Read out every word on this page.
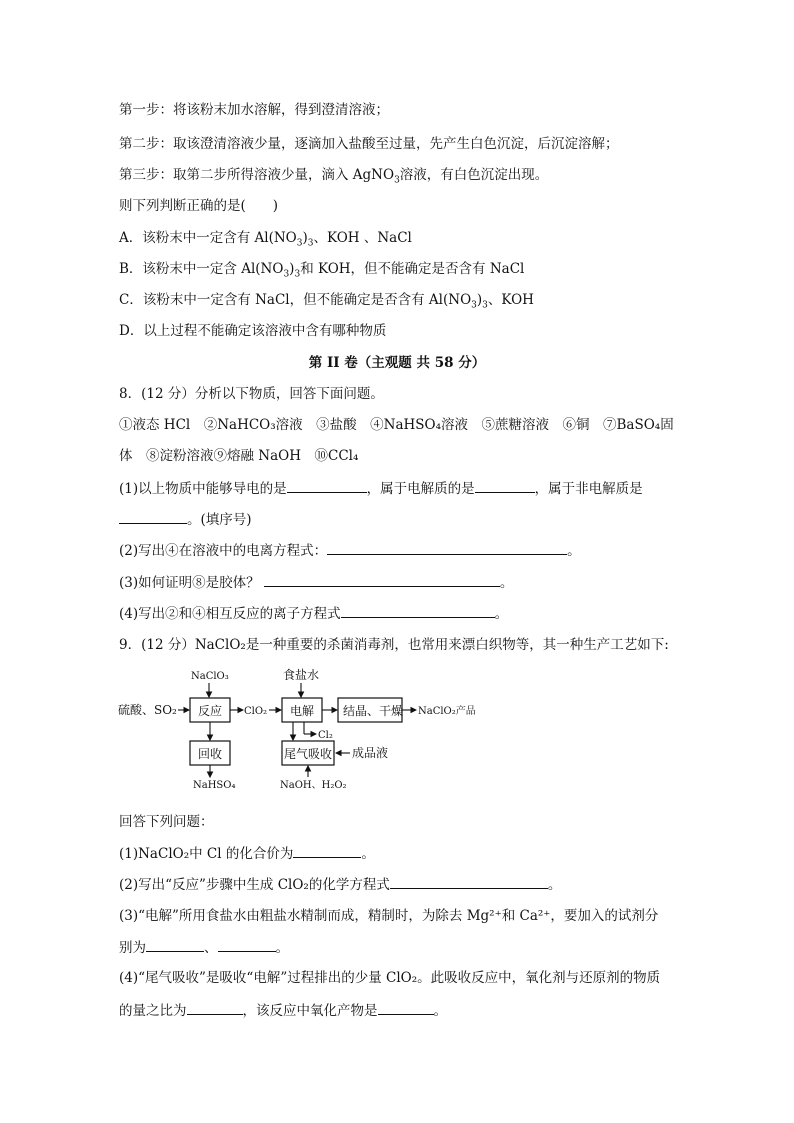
第一步：将该粉末加水溶解，得到澄清溶液；
第二步：取该澄清溶液少量，逐滴加入盐酸至过量，先产生白色沉淀，后沉淀溶解；
第三步：取第二步所得溶液少量，滴入 AgNO$_3$溶液，有白色沉淀出现。
则下列判断正确的是(　　)
A．该粉末中一定含有 $Al(NO_3)_3$、KOH 、NaCl
B．该粉末中一定含 $Al(NO_3)_3$和 KOH，但不能确定是否含有 NaCl
C．该粉末中一定含有 NaCl，但不能确定是否含有 $Al(NO_3)_3$、KOH
D．以上过程不能确定该溶液中含有哪种物质
第 II 卷（主观题 共 58 分）
8．(12 分）分析以下物质，回答下面问题。
①液态 HCl　②NaHCO₃溶液　③盐酸　④NaHSO₄溶液　⑤蔗糖溶液　⑥铜　⑦BaSO₄固
体　⑧淀粉溶液⑨熔融 NaOH　⑩CCl₄
(1)以上物质中能够导电的是	，属于电解质的是	，属于非电解质是
。(填序号)
(2)写出④在溶液中的电离方程式：	。
(3)如何证明⑧是胶体？	。
(4)写出②和④相互反应的离子方程式	。
9．(12 分）NaClO₂是一种重要的杀菌消毒剂，也常用来漂白织物等，其一种生产工艺如下:
NaClO₃
硫酸、SO₂ 反应 ClO₂
食盐水
电解 结晶、干燥 NaClO₂产品
回收
NaHSO₄
Cl₂
尾气吸收 成品液
NaOH、H₂O₂
回答下列问题：
(1)NaClO₂中 Cl 的化合价为	。
(2)写出“反应”步骤中生成 ClO₂的化学方程式	。
(3)“电解”所用食盐水由粗盐水精制而成，精制时，为除去 Mg²⁺和 Ca²⁺，要加入的试剂分
别为	、	。
(4)“尾气吸收”是吸收“电解”过程排出的少量 ClO₂。此吸收反应中，氧化剂与还原剂的物质
的量之比为	，该反应中氧化产物是	。
